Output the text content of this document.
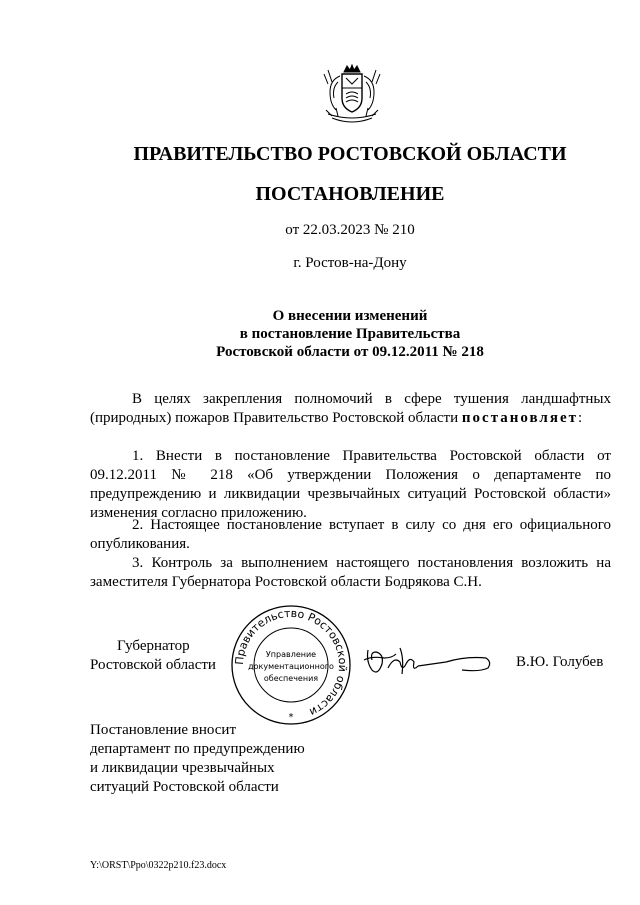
ПРАВИТЕЛЬСТВО РОСТОВСКОЙ ОБЛАСТИ
ПОСТАНОВЛЕНИЕ
от 22.03.2023 № 210
г. Ростов-на-Дону
О внесении изменений
в постановление Правительства
Ростовской области от 09.12.2011 № 218
В целях закрепления полномочий в сфере тушения ландшафтных (природных) пожаров Правительство Ростовской области постановляет:
1. Внести в постановление Правительства Ростовской области от 09.12.2011 № 218 «Об утверждении Положения о департаменте по предупреждению и ликвидации чрезвычайных ситуаций Ростовской области» изменения согласно приложению.
2. Настоящее постановление вступает в силу со дня его официального опубликования.
3. Контроль за выполнением настоящего постановления возложить на заместителя Губернатора Ростовской области Бодрякова С.Н.
Губернатор
Ростовской области Правительство Ростовской области
Управление
документационного
обеспечения
*
В.Ю. Голубев
Постановление вносит
департамент по предупреждению
и ликвидации чрезвычайных
ситуаций Ростовской области
Y:\ORST\Ppo\0322p210.f23.docx
